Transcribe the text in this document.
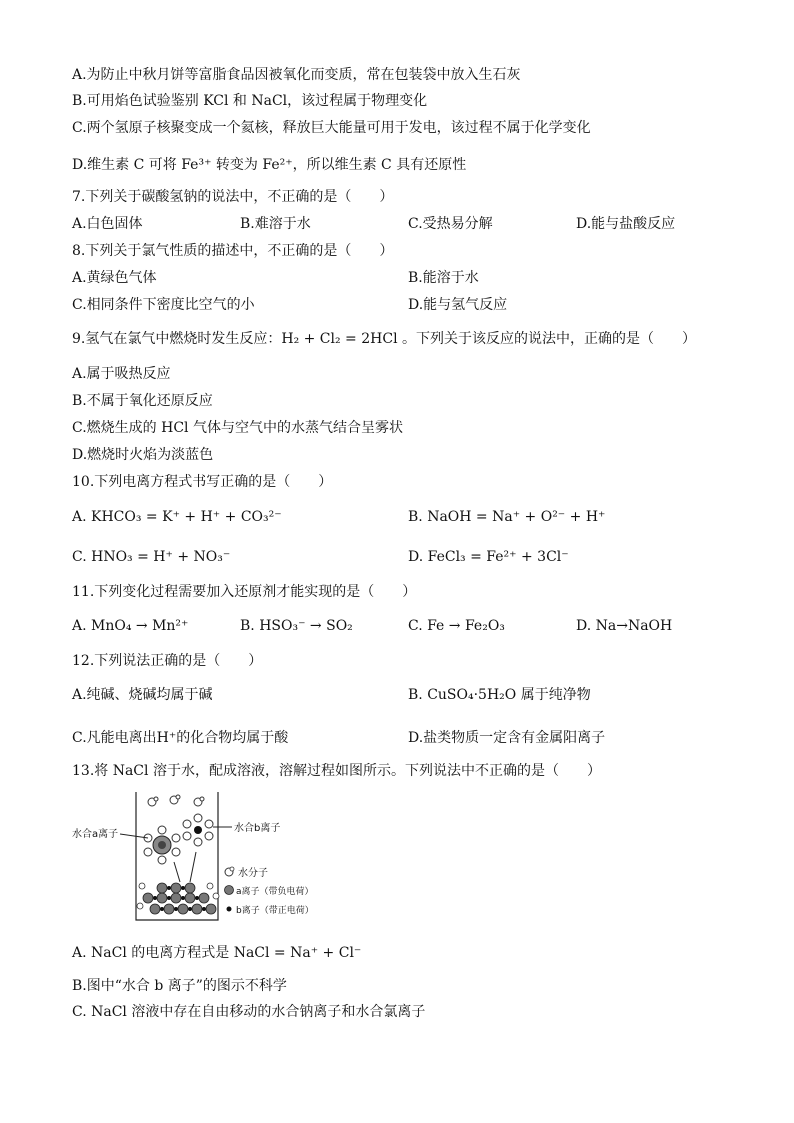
A.为防止中秋月饼等富脂食品因被氧化而变质，常在包装袋中放入生石灰
B.可用焰色试验鉴别 KCl 和 NaCl，该过程属于物理变化
C.两个氢原子核聚变成一个氦核，释放巨大能量可用于发电，该过程不属于化学变化
D.维生素 C 可将 Fe³⁺ 转变为 Fe²⁺，所以维生素 C 具有还原性
7.下列关于碳酸氢钠的说法中，不正确的是（　　）
A.白色固体	B.难溶于水	C.受热易分解	D.能与盐酸反应
8.下列关于氯气性质的描述中，不正确的是（　　）
A.黄绿色气体	B.能溶于水
C.相同条件下密度比空气的小	D.能与氢气反应
9.氢气在氯气中燃烧时发生反应：H₂ + Cl₂ = 2HCl 。下列关于该反应的说法中，正确的是（　　）
A.属于吸热反应
B.不属于氧化还原反应
C.燃烧生成的 HCl 气体与空气中的水蒸气结合呈雾状
D.燃烧时火焰为淡蓝色
10.下列电离方程式书写正确的是（　　）
A. KHCO₃ = K⁺ + H⁺ + CO₃²⁻	B. NaOH = Na⁺ + O²⁻ + H⁺
C. HNO₃ = H⁺ + NO₃⁻	D. FeCl₃ = Fe²⁺ + 3Cl⁻
11.下列变化过程需要加入还原剂才能实现的是（　　）
A. MnO₄ → Mn²⁺	B. HSO₃⁻ → SO₂	C. Fe → Fe₂O₃	D. Na→NaOH
12.下列说法正确的是（　　）
A.纯碱、烧碱均属于碱	B. CuSO₄·5H₂O 属于纯净物
C.凡能电离出H⁺的化合物均属于酸	D.盐类物质一定含有金属阳离子
13.将 NaCl 溶于水，配成溶液，溶解过程如图所示。下列说法中不正确的是（　　）
水合a离子
水合b离子
水分子
a离子（带负电荷）
b离子（带正电荷）
A. NaCl 的电离方程式是 NaCl = Na⁺ + Cl⁻
B.图中“水合 b 离子”的图示不科学
C. NaCl 溶液中存在自由移动的水合钠离子和水合氯离子
